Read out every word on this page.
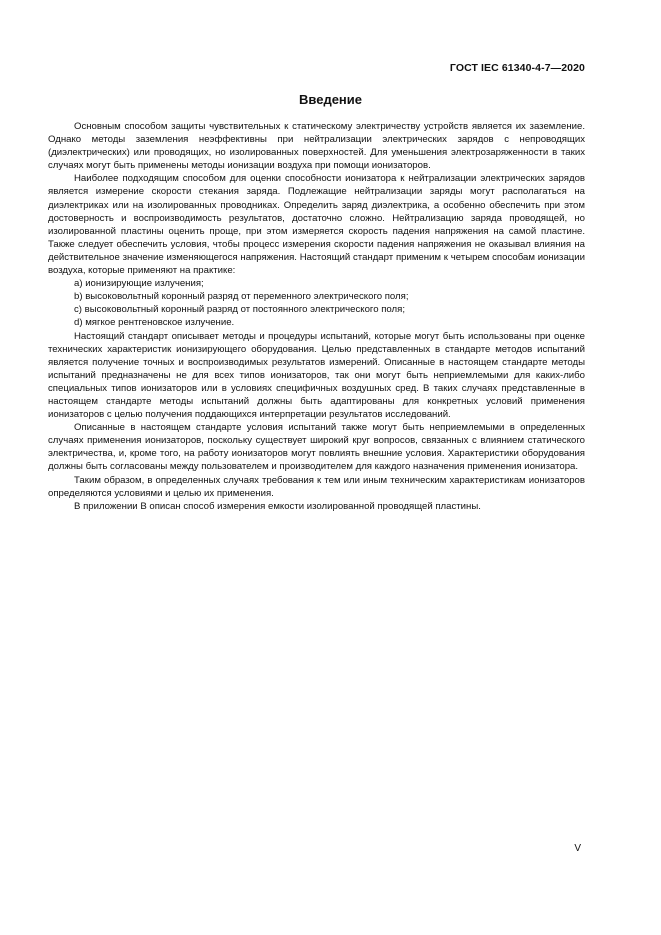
ГОСТ IEC 61340-4-7—2020
Введение

Основным способом защиты чувствительных к статическому электричеству устройств является их заземление. Однако методы заземления неэффективны при нейтрализации электрических зарядов с непроводящих (диэлектрических) или проводящих, но изолированных поверхностей. Для уменьшения электрозаряженности в таких случаях могут быть применены методы ионизации воздуха при помощи ионизаторов.

Наиболее подходящим способом для оценки способности ионизатора к нейтрализации электрических зарядов является измерение скорости стекания заряда. Подлежащие нейтрализации заряды могут располагаться на диэлектриках или на изолированных проводниках. Определить заряд диэлектрика, а особенно обеспечить при этом достоверность и воспроизводимость результатов, достаточно сложно. Нейтрализацию заряда проводящей, но изолированной пластины оценить проще, при этом измеряется скорость падения напряжения на самой пластине. Также следует обеспечить условия, чтобы процесс измерения скорости падения напряжения не оказывал влияния на действительное значение изменяющегося напряжения. Настоящий стандарт применим к четырем способам ионизации воздуха, которые применяют на практике:

a) ионизирующие излучения;

b) высоковольтный коронный разряд от переменного электрического поля;

c) высоковольтный коронный разряд от постоянного электрического поля;

d) мягкое рентгеновское излучение.

Настоящий стандарт описывает методы и процедуры испытаний, которые могут быть использованы при оценке технических характеристик ионизирующего оборудования. Целью представленных в стандарте методов испытаний является получение точных и воспроизводимых результатов измерений. Описанные в настоящем стандарте методы испытаний предназначены не для всех типов ионизаторов, так они могут быть неприемлемыми для каких-либо специальных типов ионизаторов или в условиях специфичных воздушных сред. В таких случаях представленные в настоящем стандарте методы испытаний должны быть адаптированы для конкретных условий применения ионизаторов с целью получения поддающихся интерпретации результатов исследований.

Описанные в настоящем стандарте условия испытаний также могут быть неприемлемыми в определенных случаях применения ионизаторов, поскольку существует широкий круг вопросов, связанных с влиянием статического электричества, и, кроме того, на работу ионизаторов могут повлиять внешние условия. Характеристики оборудования должны быть согласованы между пользователем и производителем для каждого назначения применения ионизатора.

Таким образом, в определенных случаях требования к тем или иным техническим характеристикам ионизаторов определяются условиями и целью их применения.

В приложении В описан способ измерения емкости изолированной проводящей пластины.

V
